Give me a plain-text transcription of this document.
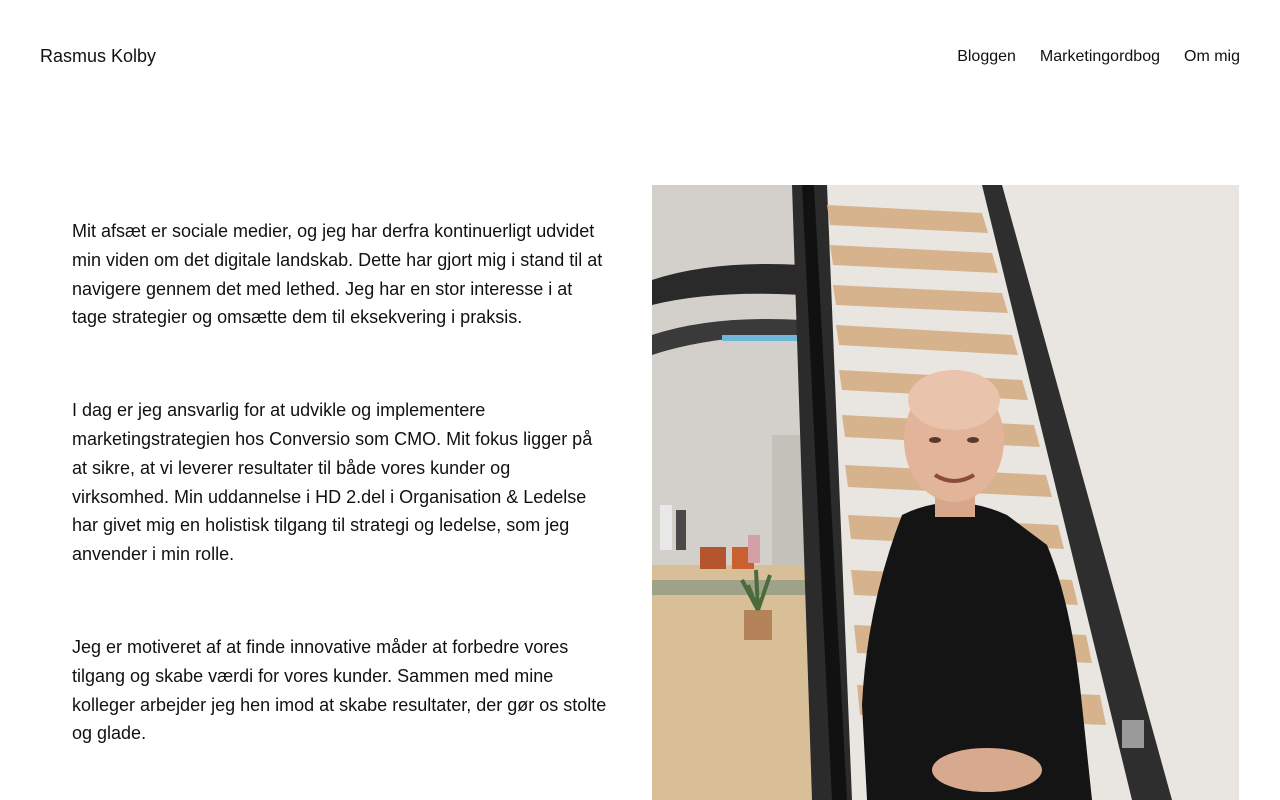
Rasmus Kolby	Bloggen Marketingordbog Om mig

Mit afsæt er sociale medier, og jeg har derfra kontinuerligt udvidet min viden om det digitale landskab. Dette har gjort mig i stand til at navigere gennem det med lethed. Jeg har en stor interesse i at tage strategier og omsætte dem til eksekvering i praksis.

I dag er jeg ansvarlig for at udvikle og implementere marketingstrategien hos Conversio som CMO. Mit fokus ligger på at sikre, at vi leverer resultater til både vores kunder og virksomhed. Min uddannelse i HD 2.del i Organisation & Ledelse har givet mig en holistisk tilgang til strategi og ledelse, som jeg anvender i min rolle.

Jeg er motiveret af at finde innovative måder at forbedre vores tilgang og skabe værdi for vores kunder. Sammen med mine kolleger arbejder jeg hen imod at skabe resultater, der gør os stolte og glade.
